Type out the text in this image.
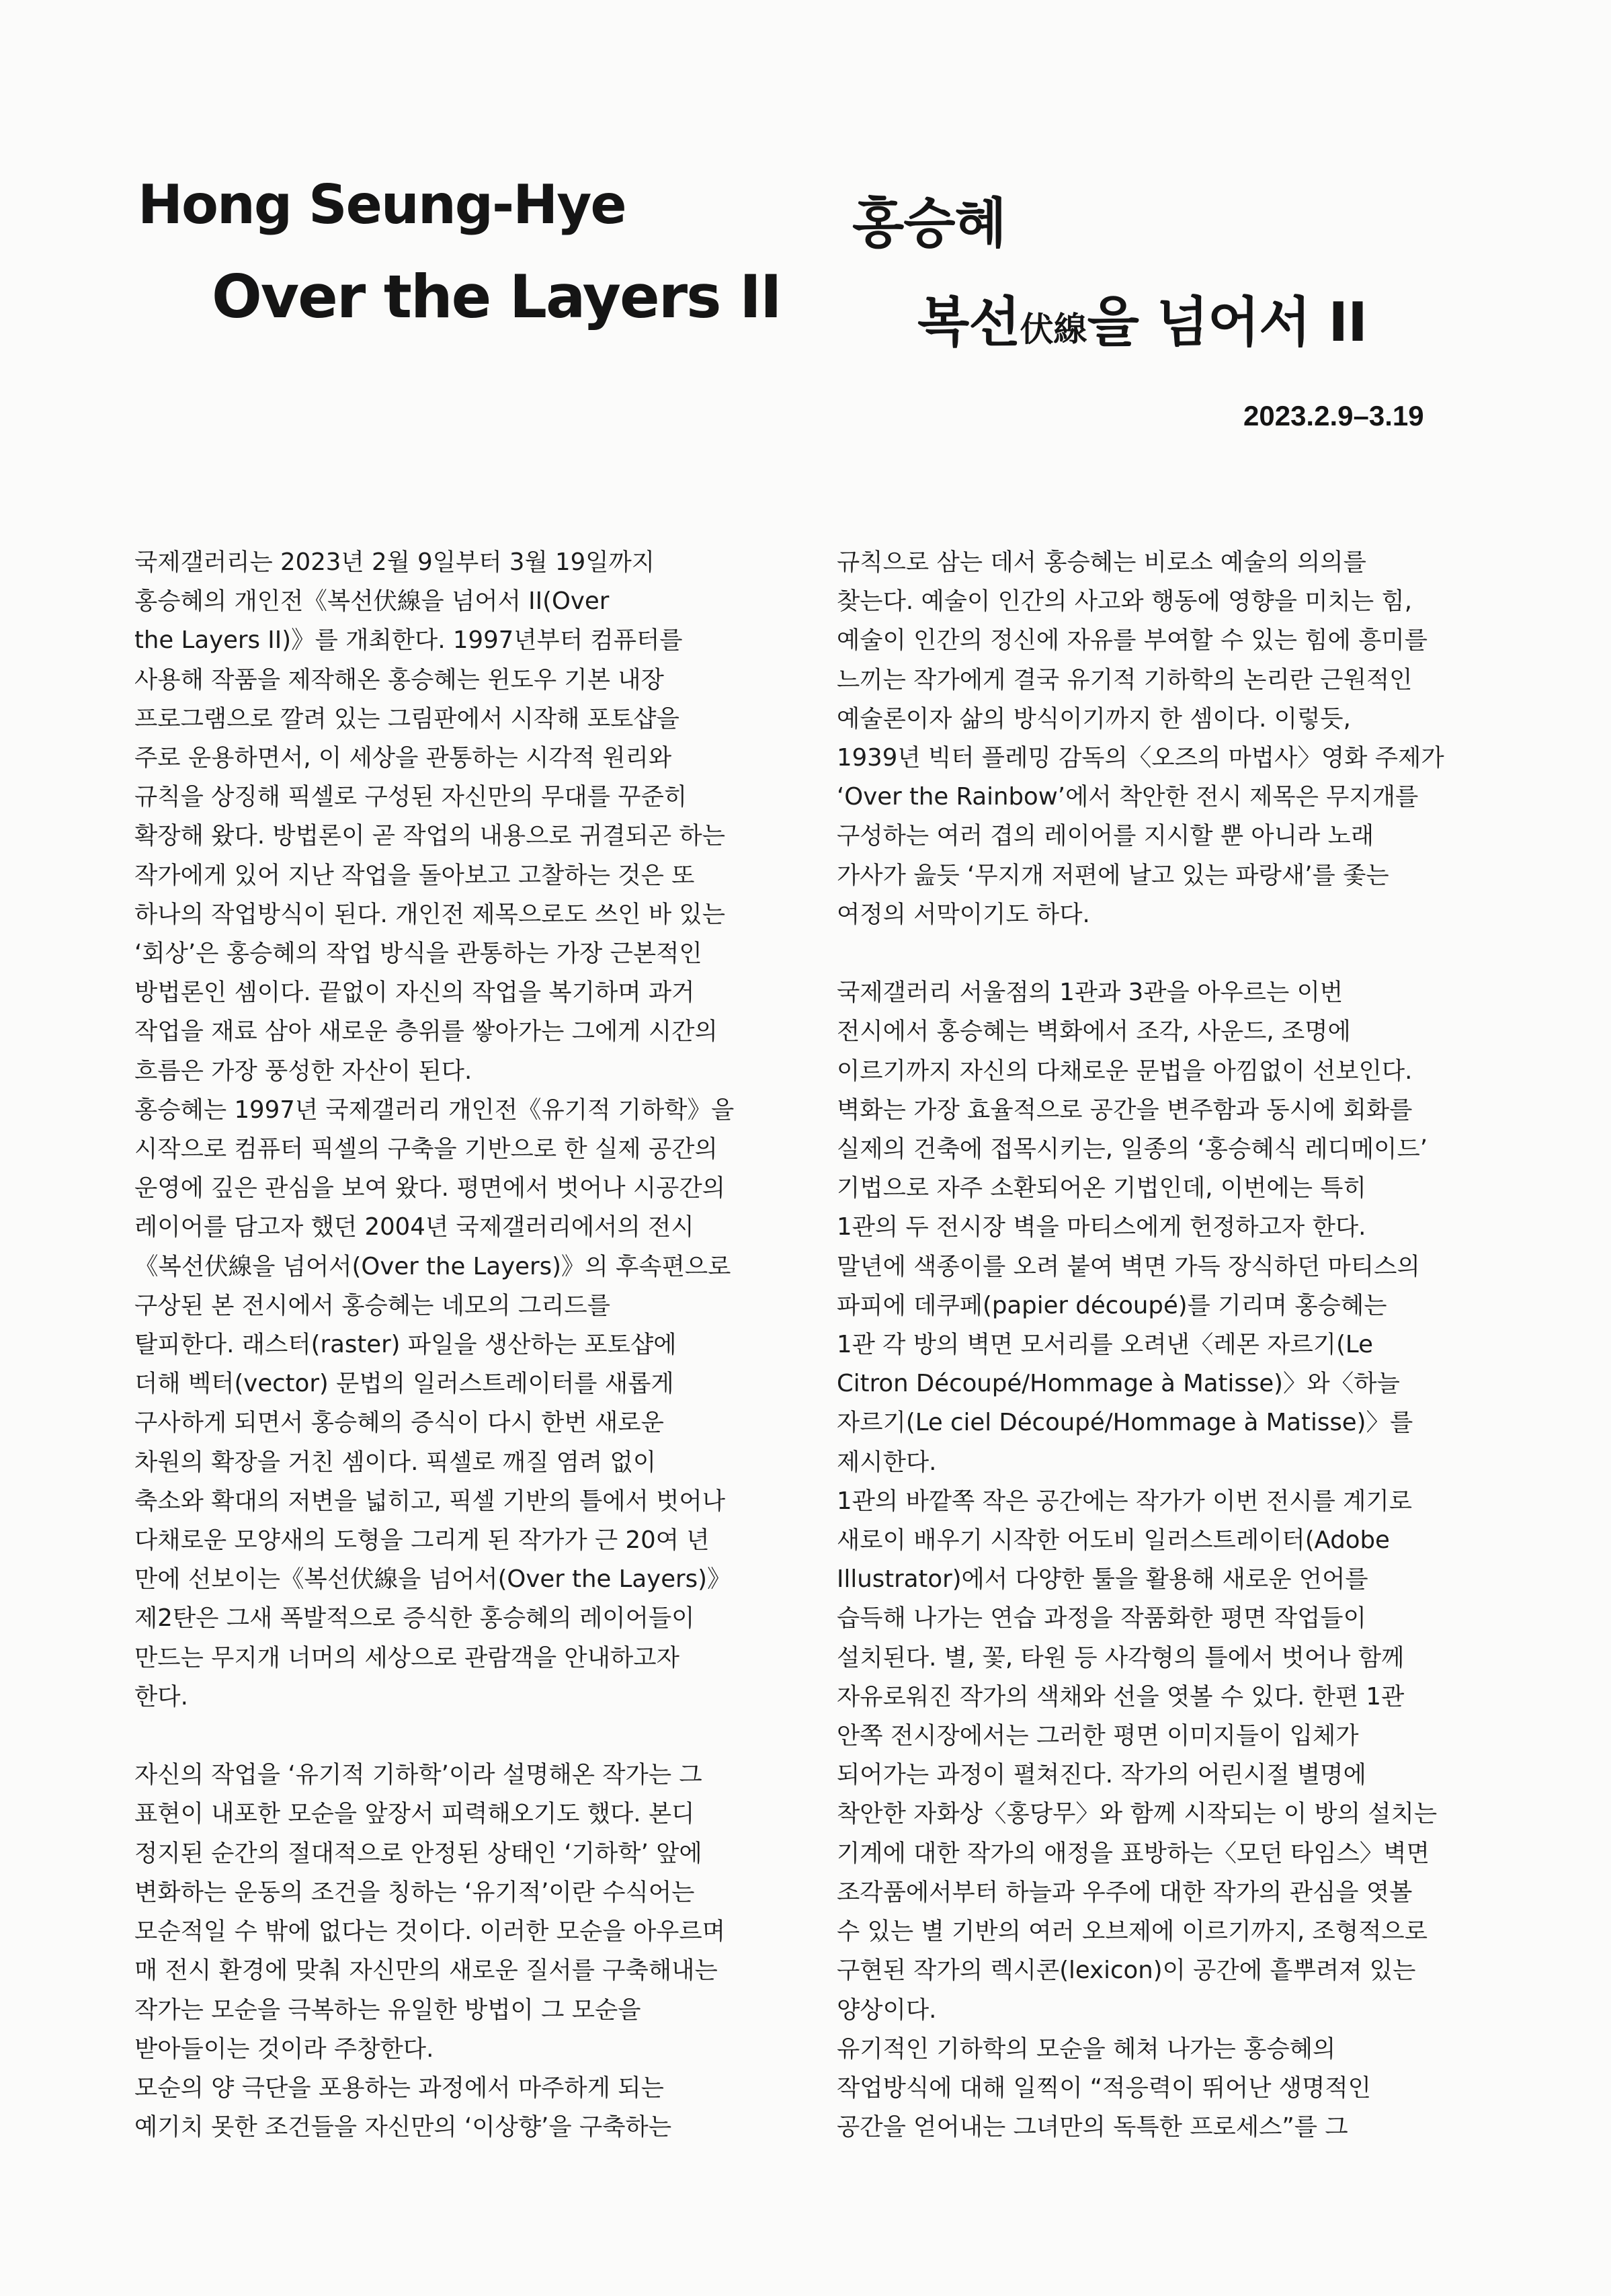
Hong Seung-Hye
Over the Layers II
홍승혜
복선伏線을 넘어서 II
2023.2.9–3.19

국제갤러리는 2023년 2월 9일부터 3월 19일까지
홍승혜의 개인전《복선伏線을 넘어서 II(Over
the Layers II)》를 개최한다. 1997년부터 컴퓨터를
사용해 작품을 제작해온 홍승혜는 윈도우 기본 내장
프로그램으로 깔려 있는 그림판에서 시작해 포토샵을
주로 운용하면서, 이 세상을 관통하는 시각적 원리와
규칙을 상징해 픽셀로 구성된 자신만의 무대를 꾸준히
확장해 왔다. 방법론이 곧 작업의 내용으로 귀결되곤 하는
작가에게 있어 지난 작업을 돌아보고 고찰하는 것은 또
하나의 작업방식이 된다. 개인전 제목으로도 쓰인 바 있는
‘회상’은 홍승혜의 작업 방식을 관통하는 가장 근본적인
방법론인 셈이다. 끝없이 자신의 작업을 복기하며 과거
작업을 재료 삼아 새로운 층위를 쌓아가는 그에게 시간의
흐름은 가장 풍성한 자산이 된다.

홍승혜는 1997년 국제갤러리 개인전《유기적 기하학》을
시작으로 컴퓨터 픽셀의 구축을 기반으로 한 실제 공간의
운영에 깊은 관심을 보여 왔다. 평면에서 벗어나 시공간의
레이어를 담고자 했던 2004년 국제갤러리에서의 전시
《복선伏線을 넘어서(Over the Layers)》의 후속편으로
구상된 본 전시에서 홍승혜는 네모의 그리드를
탈피한다. 래스터(raster) 파일을 생산하는 포토샵에
더해 벡터(vector) 문법의 일러스트레이터를 새롭게
구사하게 되면서 홍승혜의 증식이 다시 한번 새로운
차원의 확장을 거친 셈이다. 픽셀로 깨질 염려 없이
축소와 확대의 저변을 넓히고, 픽셀 기반의 틀에서 벗어나
다채로운 모양새의 도형을 그리게 된 작가가 근 20여 년
만에 선보이는《복선伏線을 넘어서(Over the Layers)》
제2탄은 그새 폭발적으로 증식한 홍승혜의 레이어들이
만드는 무지개 너머의 세상으로 관람객을 안내하고자
한다.

자신의 작업을 ‘유기적 기하학’이라 설명해온 작가는 그
표현이 내포한 모순을 앞장서 피력해오기도 했다. 본디
정지된 순간의 절대적으로 안정된 상태인 ‘기하학’ 앞에
변화하는 운동의 조건을 칭하는 ‘유기적’이란 수식어는
모순적일 수 밖에 없다는 것이다. 이러한 모순을 아우르며
매 전시 환경에 맞춰 자신만의 새로운 질서를 구축해내는
작가는 모순을 극복하는 유일한 방법이 그 모순을
받아들이는 것이라 주창한다.

모순의 양 극단을 포용하는 과정에서 마주하게 되는
예기치 못한 조건들을 자신만의 ‘이상향’을 구축하는

규칙으로 삼는 데서 홍승혜는 비로소 예술의 의의를
찾는다. 예술이 인간의 사고와 행동에 영향을 미치는 힘,
예술이 인간의 정신에 자유를 부여할 수 있는 힘에 흥미를
느끼는 작가에게 결국 유기적 기하학의 논리란 근원적인
예술론이자 삶의 방식이기까지 한 셈이다. 이렇듯,
1939년 빅터 플레밍 감독의〈오즈의 마법사〉영화 주제가
‘Over the Rainbow’에서 착안한 전시 제목은 무지개를
구성하는 여러 겹의 레이어를 지시할 뿐 아니라 노래
가사가 읊듯 ‘무지개 저편에 날고 있는 파랑새’를 좇는
여정의 서막이기도 하다.

국제갤러리 서울점의 1관과 3관을 아우르는 이번
전시에서 홍승혜는 벽화에서 조각, 사운드, 조명에
이르기까지 자신의 다채로운 문법을 아낌없이 선보인다.
벽화는 가장 효율적으로 공간을 변주함과 동시에 회화를
실제의 건축에 접목시키는, 일종의 ‘홍승혜식 레디메이드’
기법으로 자주 소환되어온 기법인데, 이번에는 특히
1관의 두 전시장 벽을 마티스에게 헌정하고자 한다.
말년에 색종이를 오려 붙여 벽면 가득 장식하던 마티스의
파피에 데쿠페(papier découpé)를 기리며 홍승혜는
1관 각 방의 벽면 모서리를 오려낸〈레몬 자르기(Le
Citron Découpé/Hommage à Matisse)〉와〈하늘
자르기(Le ciel Découpé/Hommage à Matisse)〉를
제시한다.

1관의 바깥쪽 작은 공간에는 작가가 이번 전시를 계기로
새로이 배우기 시작한 어도비 일러스트레이터(Adobe
Illustrator)에서 다양한 툴을 활용해 새로운 언어를
습득해 나가는 연습 과정을 작품화한 평면 작업들이
설치된다. 별, 꽃, 타원 등 사각형의 틀에서 벗어나 함께
자유로워진 작가의 색채와 선을 엿볼 수 있다. 한편 1관
안쪽 전시장에서는 그러한 평면 이미지들이 입체가
되어가는 과정이 펼쳐진다. 작가의 어린시절 별명에
착안한 자화상〈홍당무〉와 함께 시작되는 이 방의 설치는
기계에 대한 작가의 애정을 표방하는〈모던 타임스〉벽면
조각품에서부터 하늘과 우주에 대한 작가의 관심을 엿볼
수 있는 별 기반의 여러 오브제에 이르기까지, 조형적으로
구현된 작가의 렉시콘(lexicon)이 공간에 흩뿌려져 있는
양상이다.

유기적인 기하학의 모순을 헤쳐 나가는 홍승혜의
작업방식에 대해 일찍이 “적응력이 뛰어난 생명적인
공간을 얻어내는 그녀만의 독특한 프로세스”를 그
